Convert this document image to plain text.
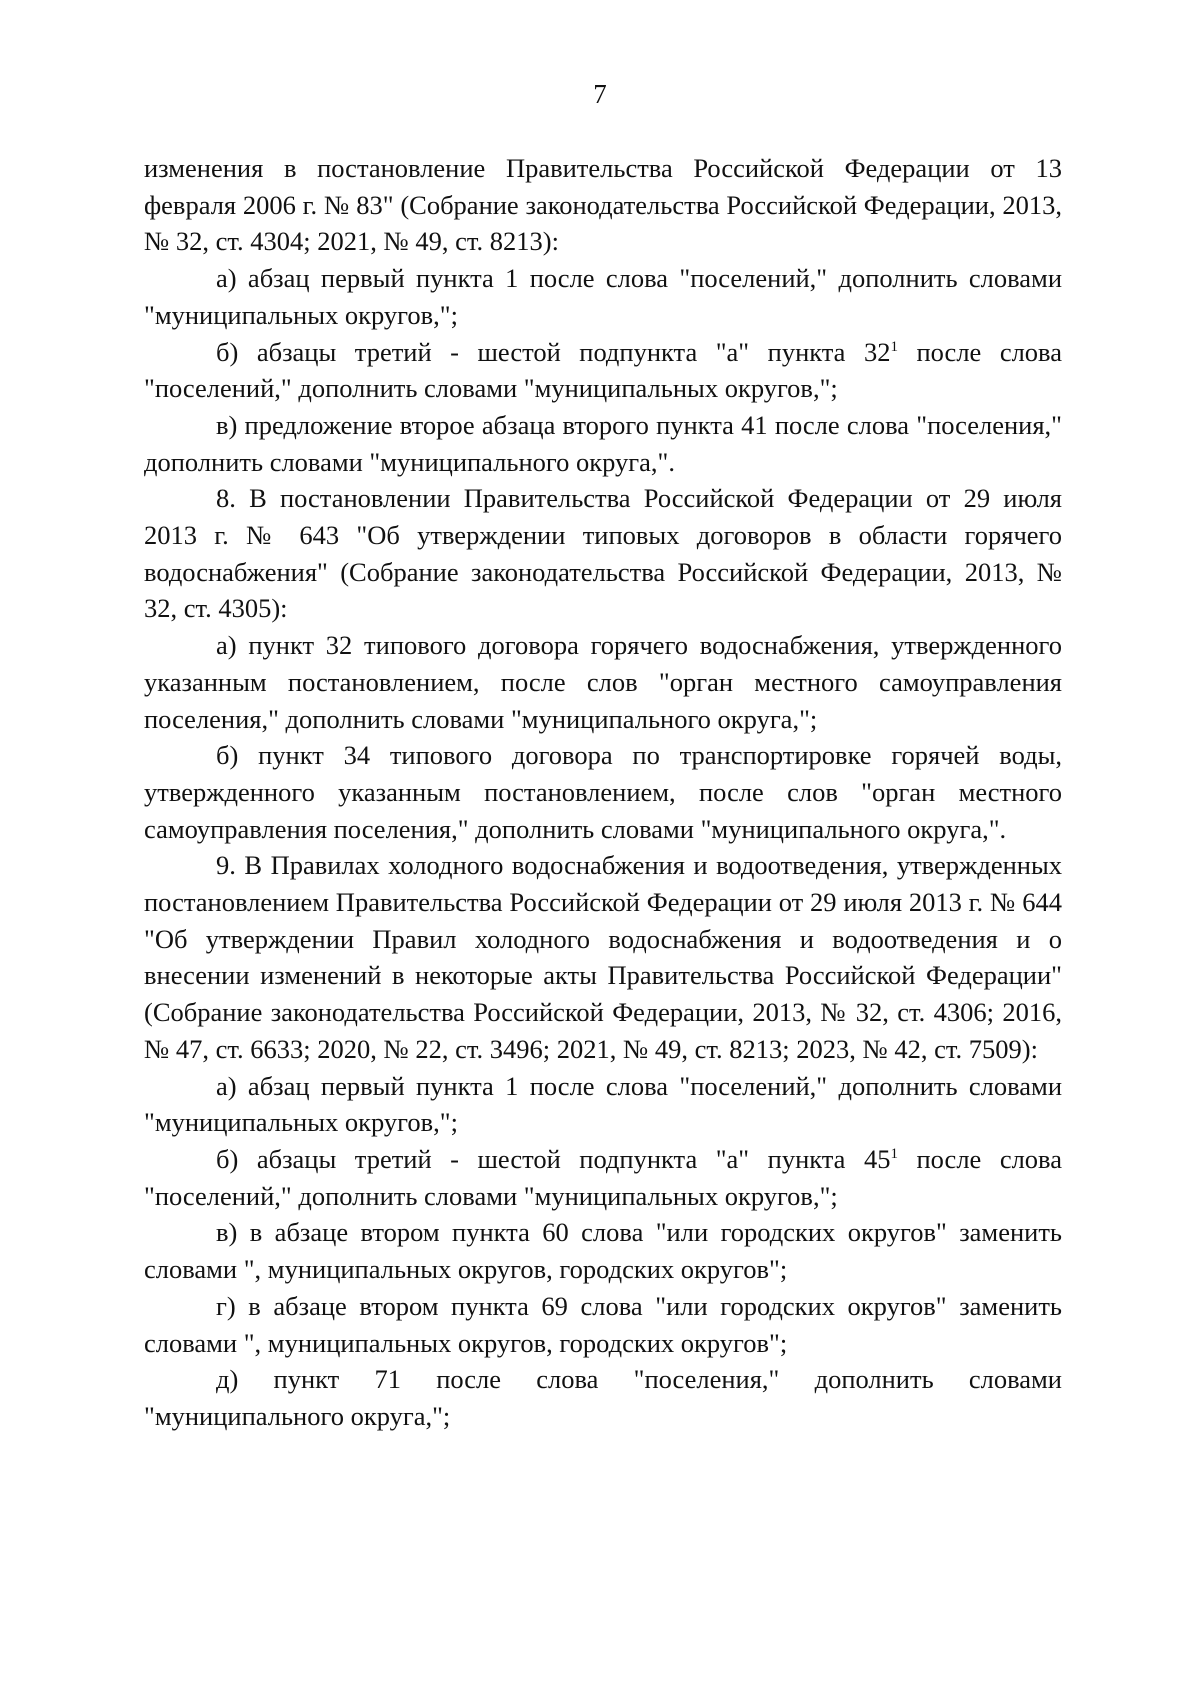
7

изменения в постановление Правительства Российской Федерации от 13 февраля 2006 г. № 83" (Собрание законодательства Российской Федерации, 2013, № 32, ст. 4304; 2021, № 49, ст. 8213):

а) абзац первый пункта 1 после слова "поселений," дополнить словами "муниципальных округов,";

б) абзацы третий - шестой подпункта "а" пункта $32^1$ после слова "поселений," дополнить словами "муниципальных округов,";

в) предложение второе абзаца второго пункта 41 после слова "поселения," дополнить словами "муниципального округа,".

8. В постановлении Правительства Российской Федерации от 29 июля 2013 г. № 643 "Об утверждении типовых договоров в области горячего водоснабжения" (Собрание законодательства Российской Федерации, 2013, № 32, ст. 4305):

а) пункт 32 типового договора горячего водоснабжения, утвержденного указанным постановлением, после слов "орган местного самоуправления поселения," дополнить словами "муниципального округа,";

б) пункт 34 типового договора по транспортировке горячей воды, утвержденного указанным постановлением, после слов "орган местного самоуправления поселения," дополнить словами "муниципального округа,".

9. В Правилах холодного водоснабжения и водоотведения, утвержденных постановлением Правительства Российской Федерации от 29 июля 2013 г. № 644 "Об утверждении Правил холодного водоснабжения и водоотведения и о внесении изменений в некоторые акты Правительства Российской Федерации" (Собрание законодательства Российской Федерации, 2013, № 32, ст. 4306; 2016, № 47, ст. 6633; 2020, № 22, ст. 3496; 2021, № 49, ст. 8213; 2023, № 42, ст. 7509):

а) абзац первый пункта 1 после слова "поселений," дополнить словами "муниципальных округов,";

б) абзацы третий - шестой подпункта "а" пункта $45^1$ после слова "поселений," дополнить словами "муниципальных округов,";

в) в абзаце втором пункта 60 слова "или городских округов" заменить словами ", муниципальных округов, городских округов";

г) в абзаце втором пункта 69 слова "или городских округов" заменить словами ", муниципальных округов, городских округов";

д) пункт 71 после слова "поселения," дополнить словами "муниципального округа,";
